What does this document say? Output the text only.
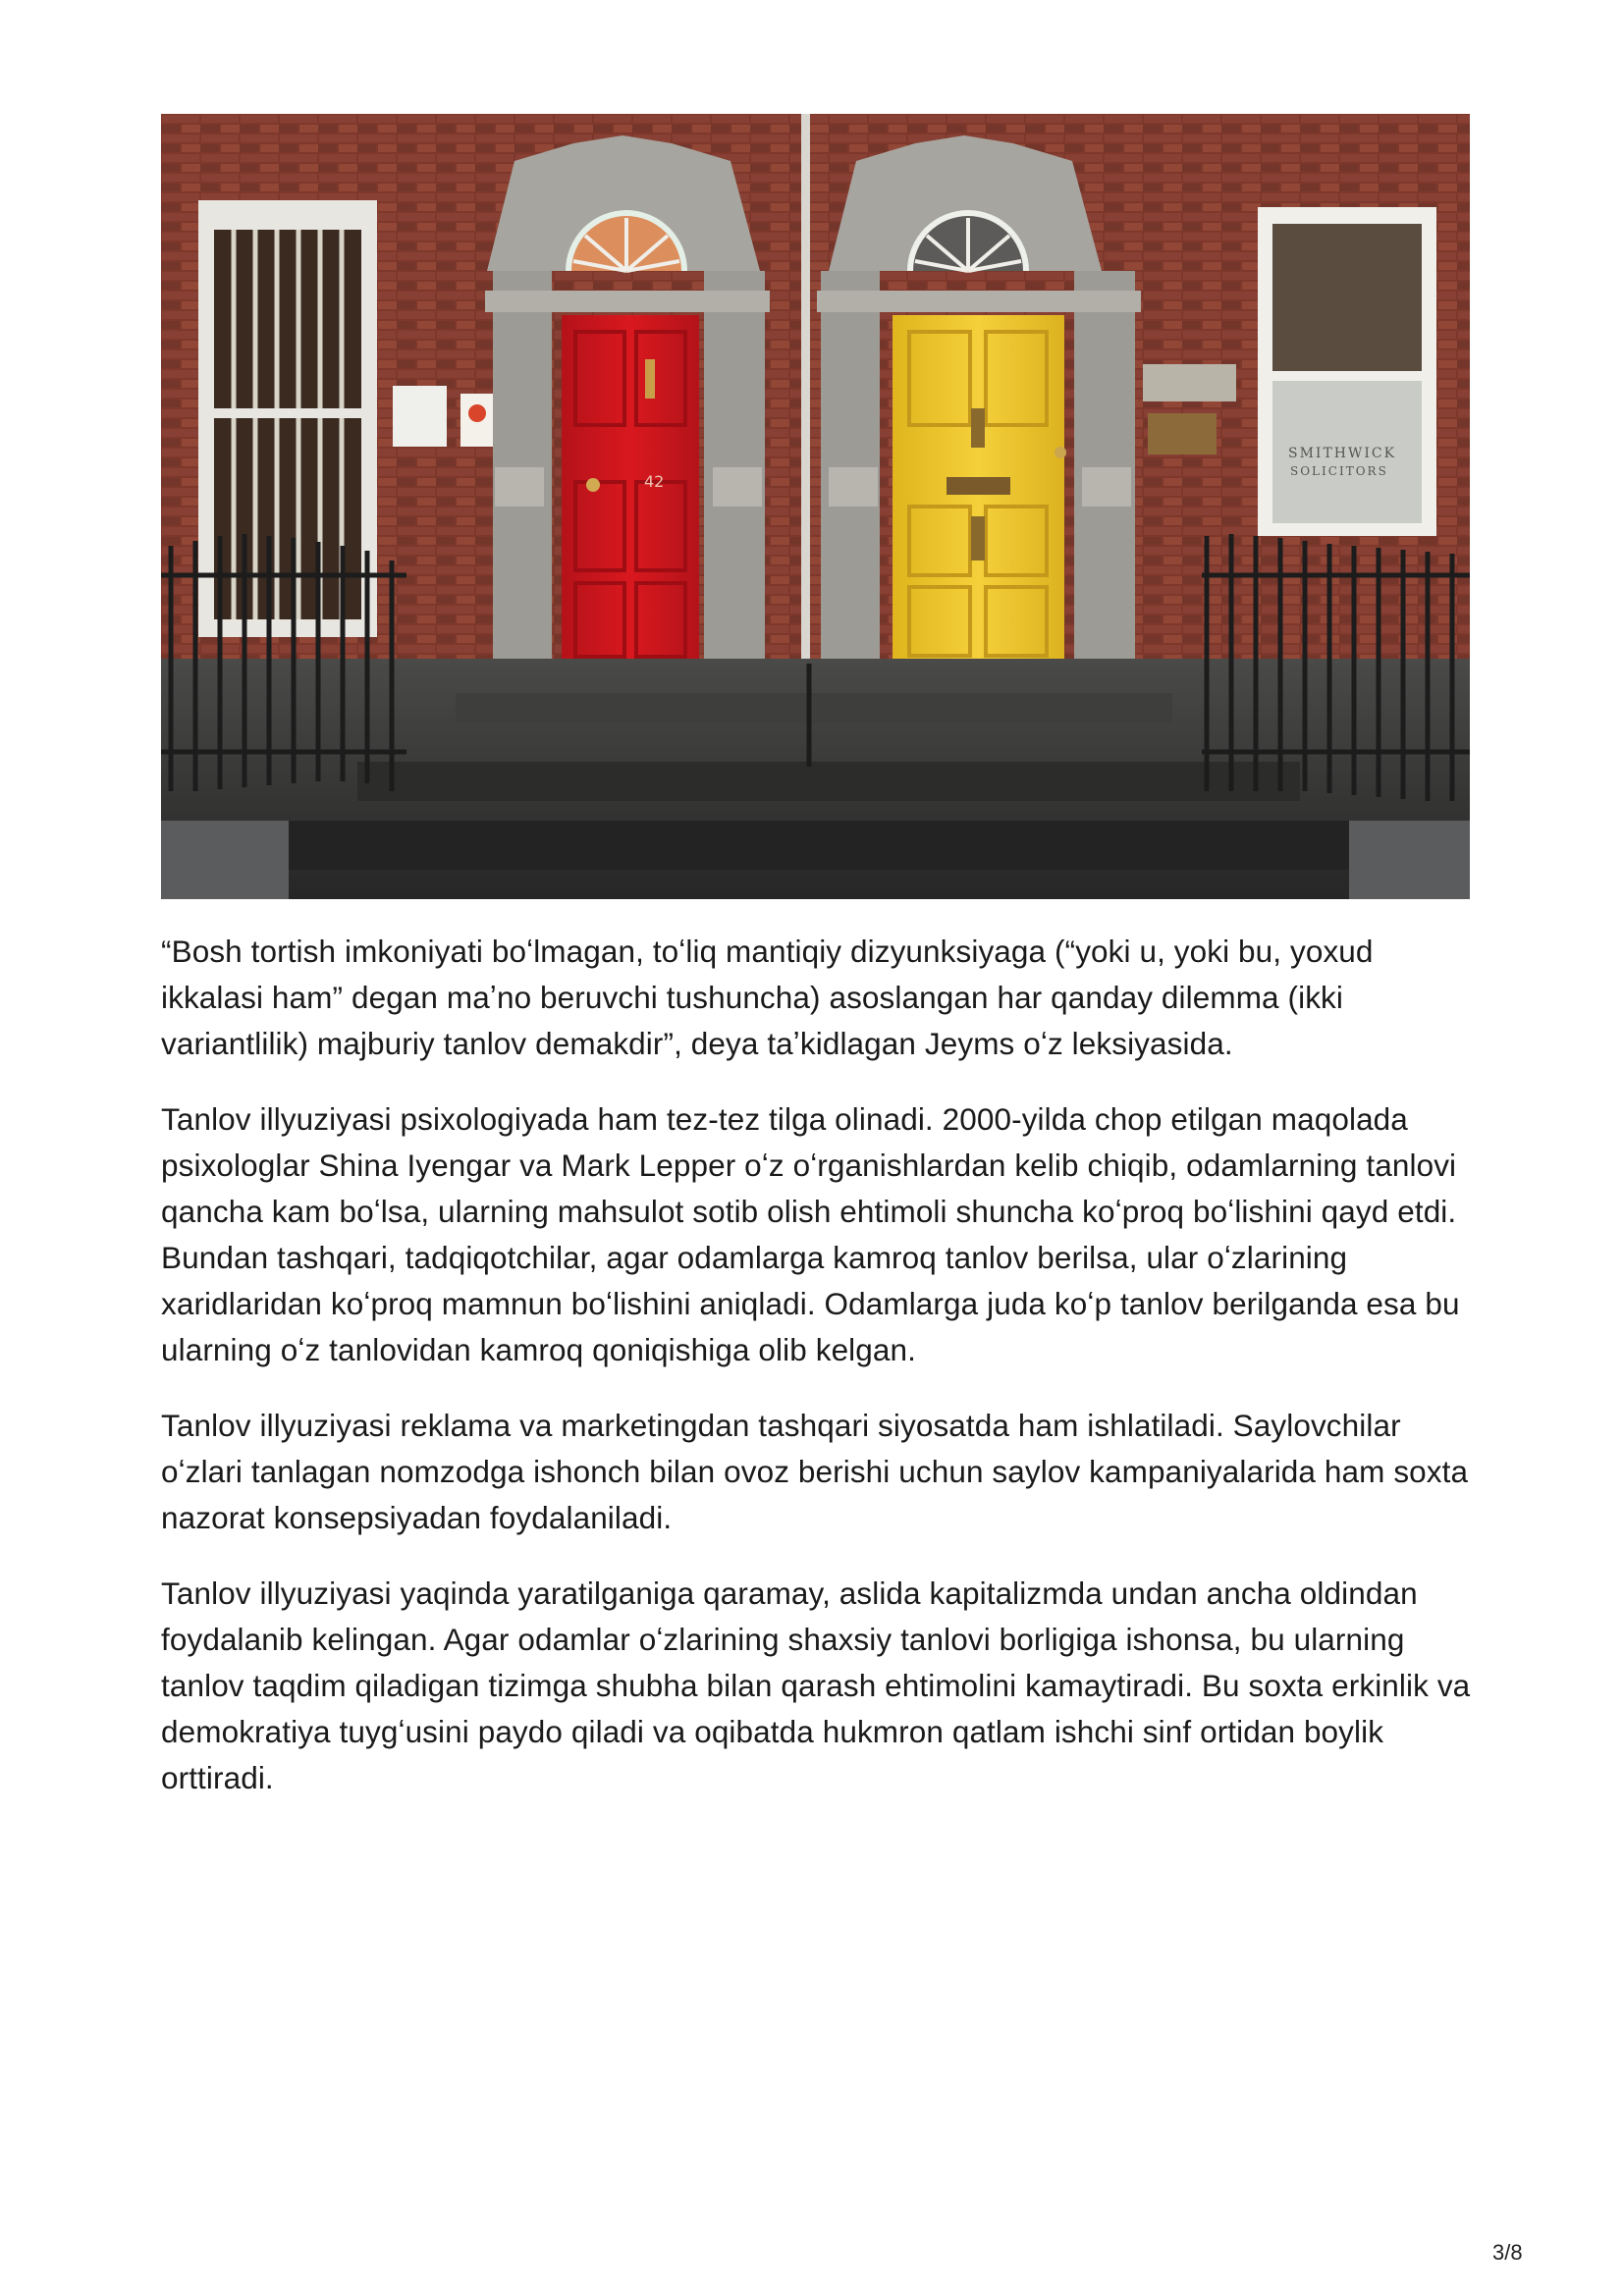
SMITHWICK
SOLICITORS
42

“Bosh tortish imkoniyati boʻlmagan, toʻliq mantiqiy dizyunksiyaga (“yoki u, yoki bu, yoxud ikkalasi ham” degan maʼno beruvchi tushuncha) asoslangan har qanday dilemma (ikki variantlilik) majburiy tanlov demakdir”, deya taʼkidlagan Jeyms oʻz leksiyasida.

Tanlov illyuziyasi psixologiyada ham tez-tez tilga olinadi. 2000-yilda chop etilgan maqolada psixologlar Shina Iyengar va Mark Lepper oʻz oʻrganishlardan kelib chiqib, odamlarning tanlovi qancha kam boʻlsa, ularning mahsulot sotib olish ehtimoli shuncha koʻproq boʻlishini qayd etdi. Bundan tashqari, tadqiqotchilar, agar odamlarga kamroq tanlov berilsa, ular oʻzlarining xaridlaridan koʻproq mamnun boʻlishini aniqladi. Odamlarga juda koʻp tanlov berilganda esa bu ularning oʻz tanlovidan kamroq qoniqishiga olib kelgan.

Tanlov illyuziyasi reklama va marketingdan tashqari siyosatda ham ishlatiladi. Saylovchilar oʻzlari tanlagan nomzodga ishonch bilan ovoz berishi uchun saylov kampaniyalarida ham soxta nazorat konsepsiyadan foydalaniladi.

Tanlov illyuziyasi yaqinda yaratilganiga qaramay, aslida kapitalizmda undan ancha oldindan foydalanib kelingan. Agar odamlar oʻzlarining shaxsiy tanlovi borligiga ishonsa, bu ularning tanlov taqdim qiladigan tizimga shubha bilan qarash ehtimolini kamaytiradi. Bu soxta erkinlik va demokratiya tuygʻusini paydo qiladi va oqibatda hukmron qatlam ishchi sinf ortidan boylik orttiradi.

3/8
